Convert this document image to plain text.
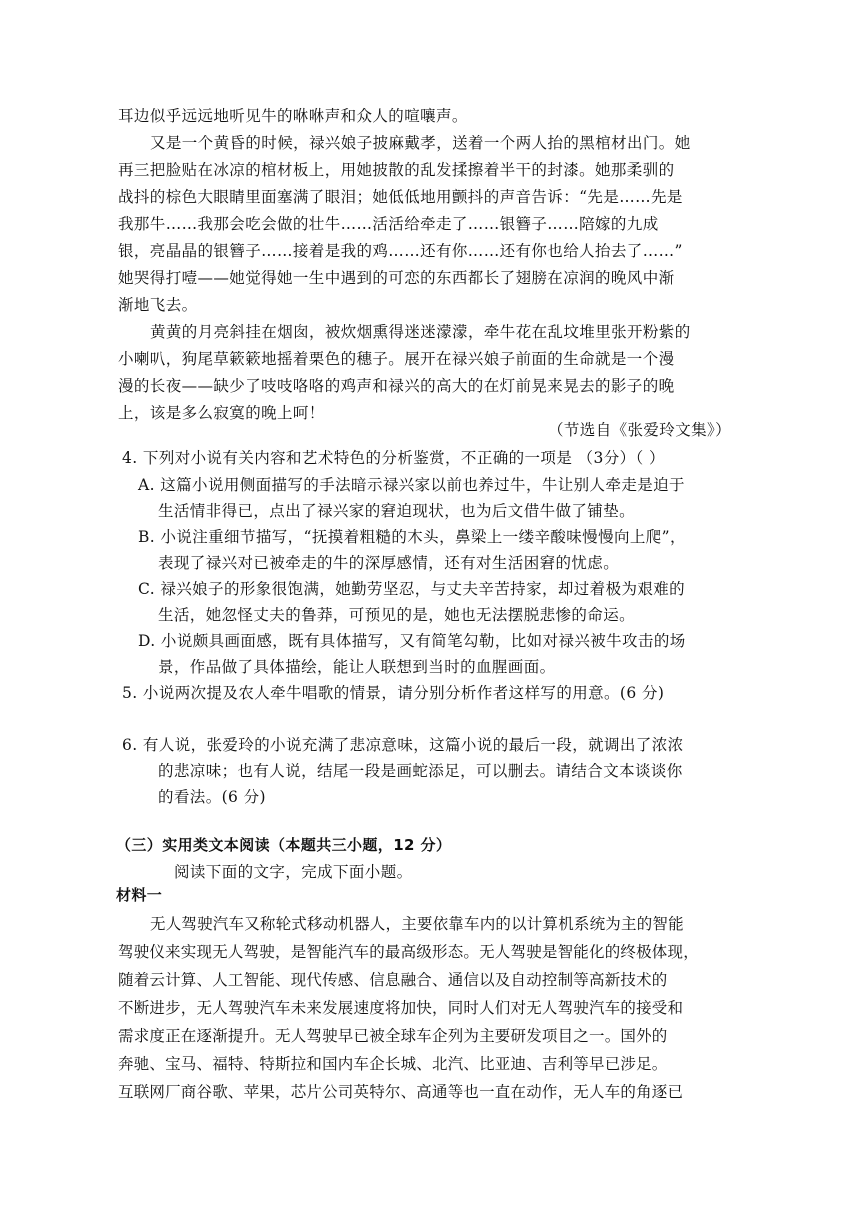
耳边似乎远远地听见牛的咻咻声和众人的喧嚷声。
又是一个黄昏的时候，禄兴娘子披麻戴孝，送着一个两人抬的黑棺材出门。她
再三把脸贴在冰凉的棺材板上，用她披散的乱发揉擦着半干的封漆。她那柔驯的
战抖的棕色大眼睛里面塞满了眼泪；她低低地用颤抖的声音告诉：“先是……先是
我那牛……我那会吃会做的壮牛……活活给牵走了……银簪子……陪嫁的九成
银，亮晶晶的银簪子……接着是我的鸡……还有你……还有你也给人抬去了……”
她哭得打噎——她觉得她一生中遇到的可恋的东西都长了翅膀在凉润的晚风中渐
渐地飞去。
黄黄的月亮斜挂在烟囱，被炊烟熏得迷迷濛濛，牵牛花在乱坟堆里张开粉紫的
小喇叭，狗尾草簌簌地摇着栗色的穗子。展开在禄兴娘子前面的生命就是一个漫
漫的长夜——缺少了吱吱咯咯的鸡声和禄兴的高大的在灯前晃来晃去的影子的晚
上，该是多么寂寞的晚上呵！
（节选自《张爱玲文集》）
4. 下列对小说有关内容和艺术特色的分析鉴赏，不正确的一项是 （3分）（ ）
A. 这篇小说用侧面描写的手法暗示禄兴家以前也养过牛，牛让别人牵走是迫于
生活情非得已，点出了禄兴家的窘迫现状，也为后文借牛做了铺垫。
B. 小说注重细节描写，“抚摸着粗糙的木头，鼻梁上一缕辛酸味慢慢向上爬”，
表现了禄兴对已被牵走的牛的深厚感情，还有对生活困窘的忧虑。
C. 禄兴娘子的形象很饱满，她勤劳坚忍，与丈夫辛苦持家，却过着极为艰难的
生活，她忽怪丈夫的鲁莽，可预见的是，她也无法摆脱悲惨的命运。
D. 小说颇具画面感，既有具体描写，又有简笔勾勒，比如对禄兴被牛攻击的场
景，作品做了具体描绘，能让人联想到当时的血腥画面。
5. 小说两次提及农人牵牛唱歌的情景，请分别分析作者这样写的用意。(6 分)
6. 有人说，张爱玲的小说充满了悲凉意味，这篇小说的最后一段，就调出了浓浓
的悲凉味；也有人说，结尾一段是画蛇添足，可以删去。请结合文本谈谈你
的看法。(6 分)
（三）实用类文本阅读（本题共三小题，12 分）
阅读下面的文字，完成下面小题。
材料一
无人驾驶汽车又称轮式移动机器人，主要依靠车内的以计算机系统为主的智能
驾驶仪来实现无人驾驶，是智能汽车的最高级形态。无人驾驶是智能化的终极体现，
随着云计算、人工智能、现代传感、信息融合、通信以及自动控制等高新技术的
不断进步，无人驾驶汽车未来发展速度将加快，同时人们对无人驾驶汽车的接受和
需求度正在逐渐提升。无人驾驶早已被全球车企列为主要研发项目之一。国外的
奔驰、宝马、福特、特斯拉和国内车企长城、北汽、比亚迪、吉利等早已涉足。
互联网厂商谷歌、苹果，芯片公司英特尔、高通等也一直在动作，无人车的角逐已
